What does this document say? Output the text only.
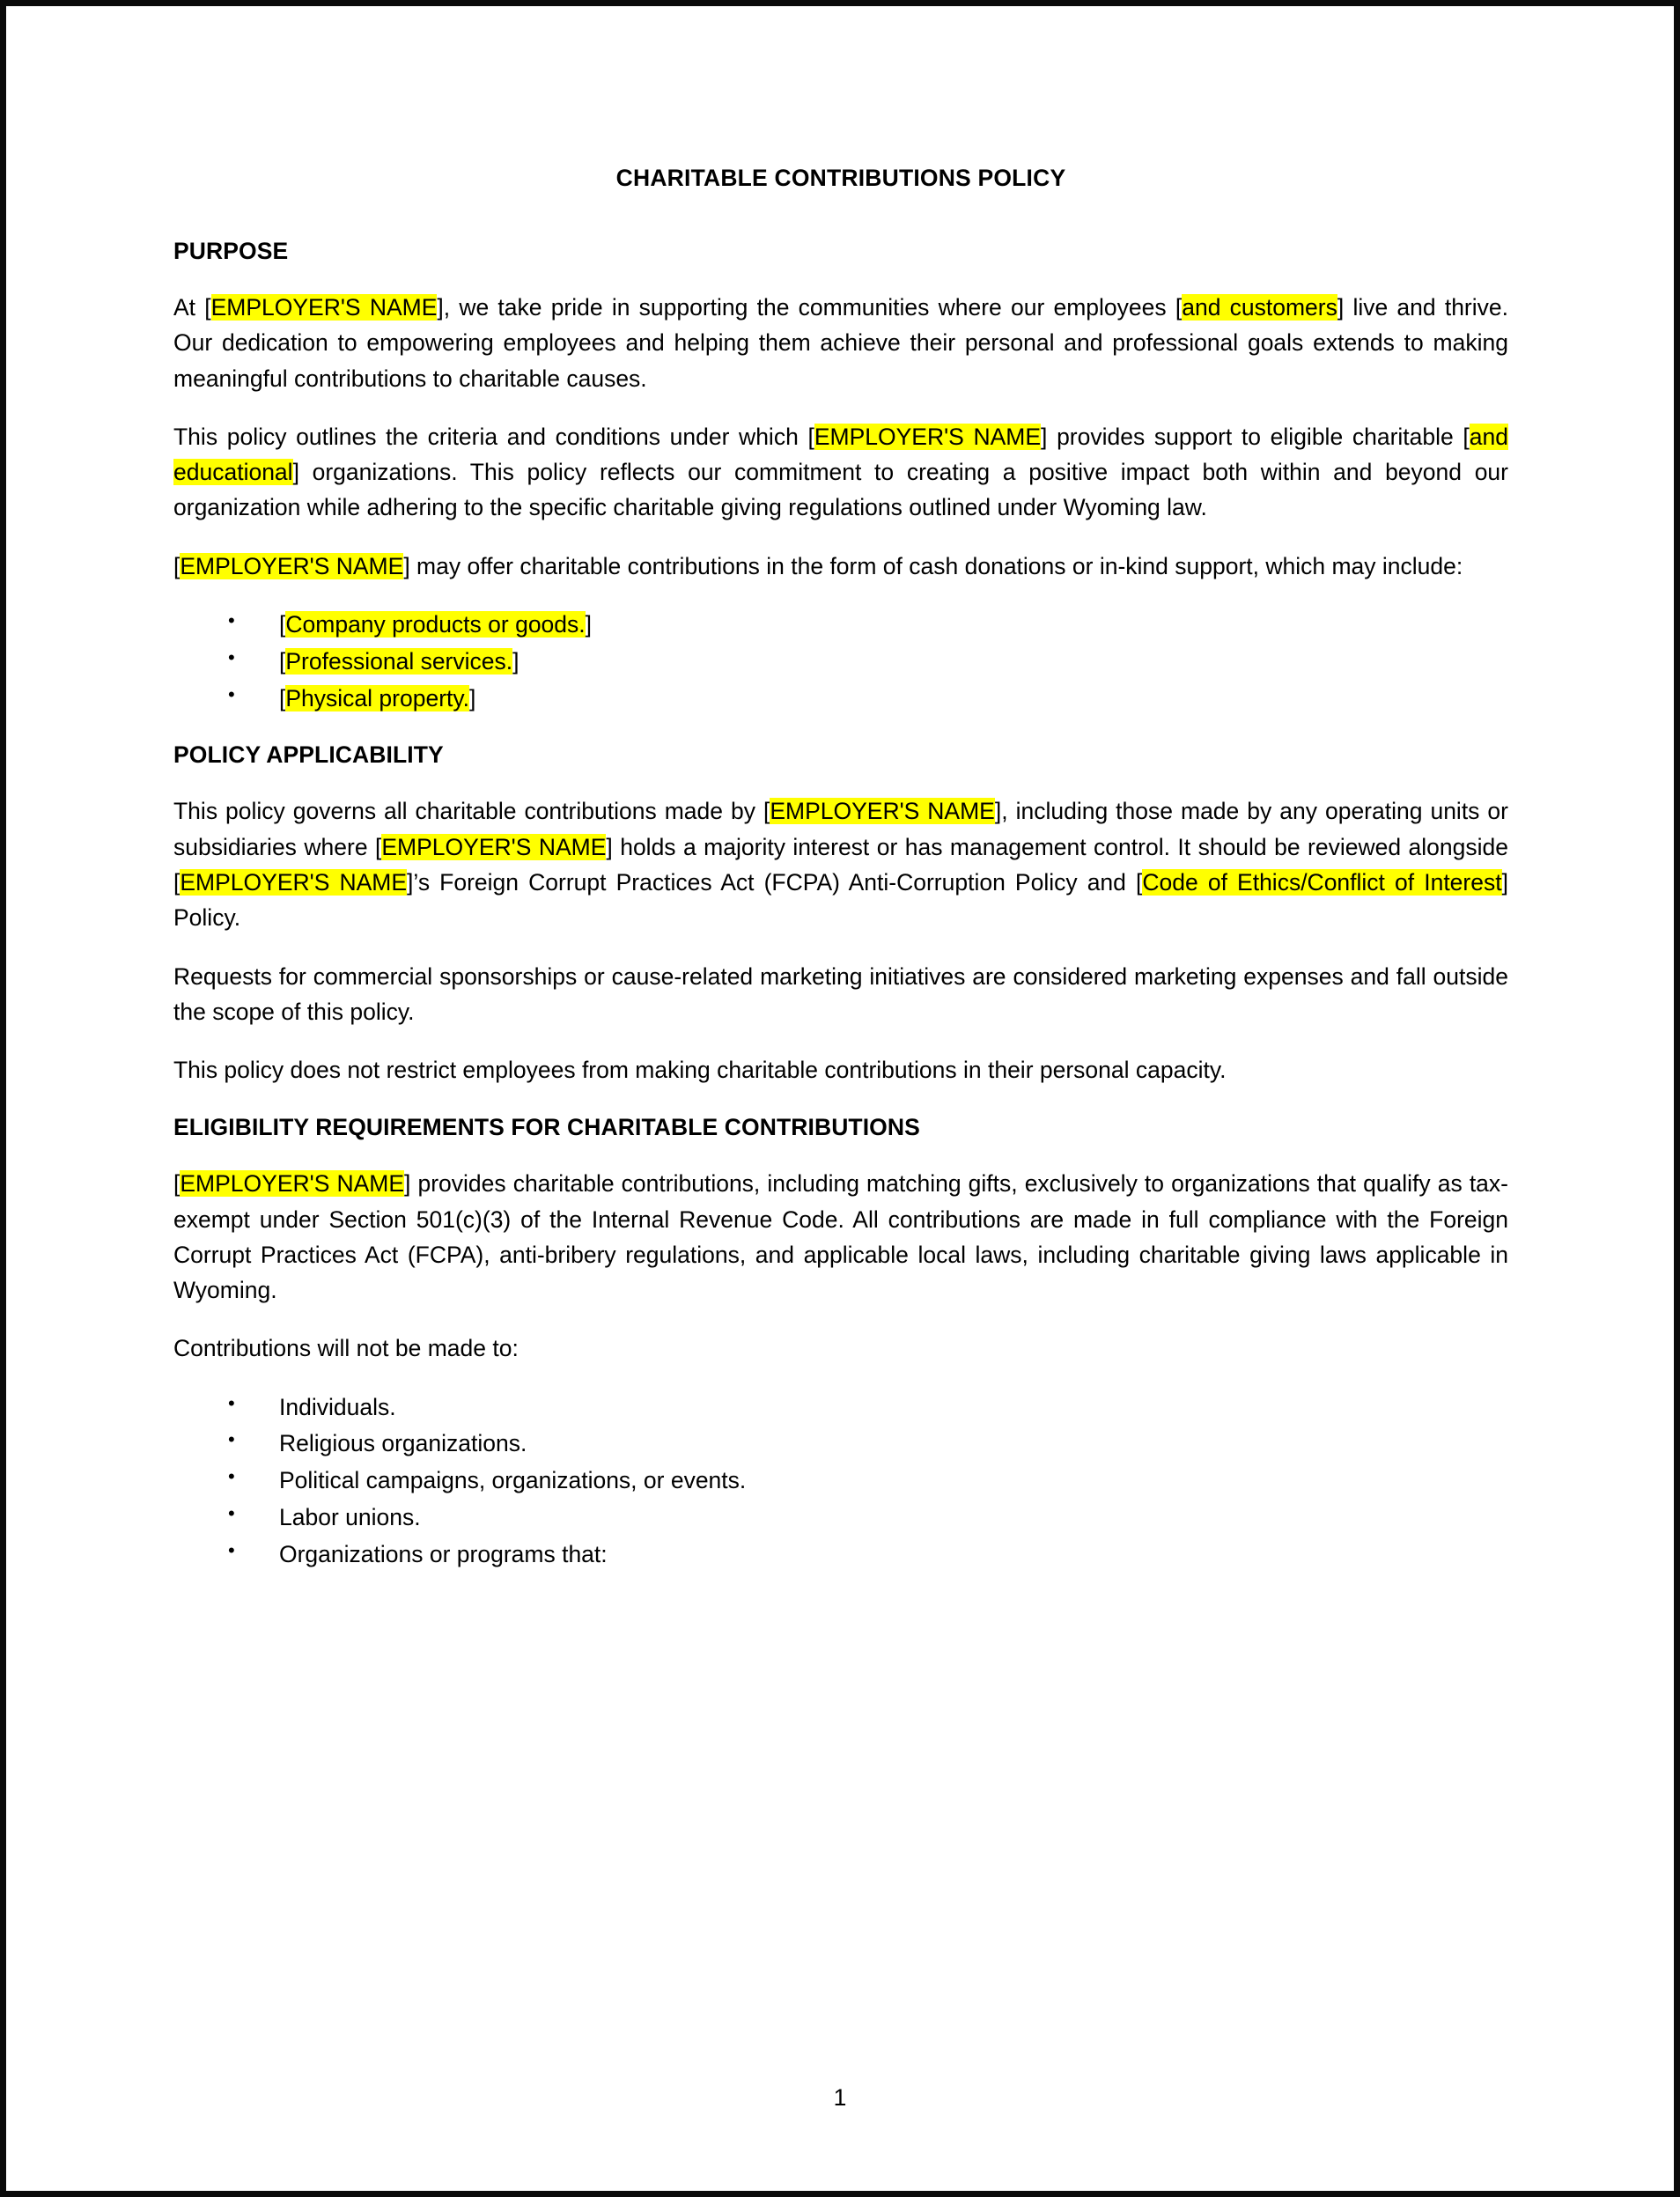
CHARITABLE CONTRIBUTIONS POLICY
PURPOSE

At [EMPLOYER'S NAME], we take pride in supporting the communities where our employees [and customers] live and thrive. Our dedication to empowering employees and helping them achieve their personal and professional goals extends to making meaningful contributions to charitable causes.

This policy outlines the criteria and conditions under which [EMPLOYER'S NAME] provides support to eligible charitable [and educational] organizations. This policy reflects our commitment to creating a positive impact both within and beyond our organization while adhering to the specific charitable giving regulations outlined under Wyoming law.

[EMPLOYER'S NAME] may offer charitable contributions in the form of cash donations or in-kind support, which may include:

• [Company products or goods.]
• [Professional services.]
• [Physical property.]
POLICY APPLICABILITY

This policy governs all charitable contributions made by [EMPLOYER'S NAME], including those made by any operating units or subsidiaries where [EMPLOYER'S NAME] holds a majority interest or has management control. It should be reviewed alongside [EMPLOYER'S NAME]’s Foreign Corrupt Practices Act (FCPA) Anti-Corruption Policy and [Code of Ethics/Conflict of Interest] Policy.

Requests for commercial sponsorships or cause-related marketing initiatives are considered marketing expenses and fall outside the scope of this policy.

This policy does not restrict employees from making charitable contributions in their personal capacity.

ELIGIBILITY REQUIREMENTS FOR CHARITABLE CONTRIBUTIONS

[EMPLOYER'S NAME] provides charitable contributions, including matching gifts, exclusively to organizations that qualify as tax-exempt under Section 501(c)(3) of the Internal Revenue Code. All contributions are made in full compliance with the Foreign Corrupt Practices Act (FCPA), anti-bribery regulations, and applicable local laws, including charitable giving laws applicable in Wyoming.

Contributions will not be made to:

• Individuals.
• Religious organizations.
• Political campaigns, organizations, or events.
• Labor unions.
• Organizations or programs that:
1
